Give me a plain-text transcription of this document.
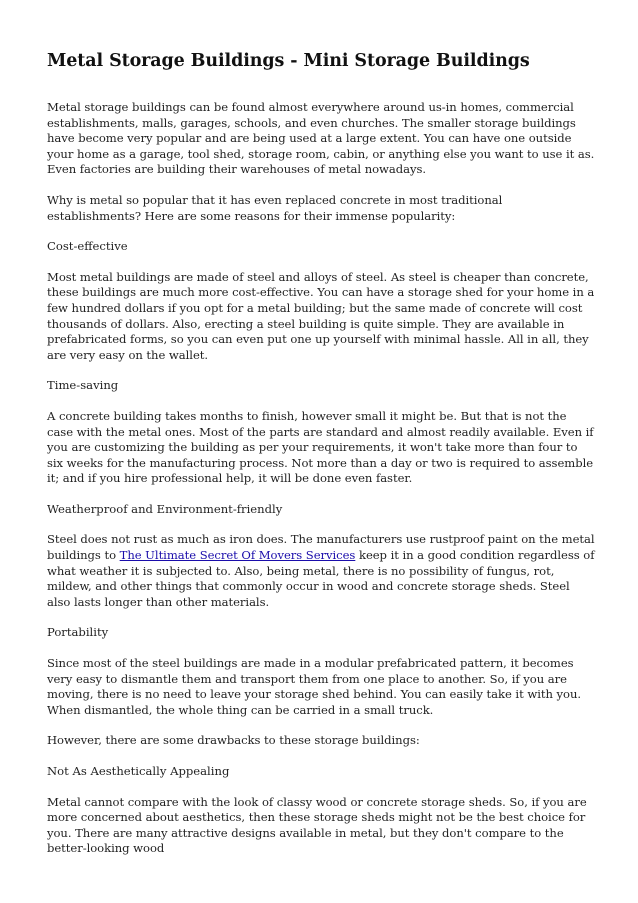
Metal Storage Buildings - Mini Storage Buildings

Metal storage buildings can be found almost everywhere around us-in homes, commercial establishments, malls, garages, schools, and even churches. The smaller storage buildings have become very popular and are being used at a large extent. You can have one outside your home as a garage, tool shed, storage room, cabin, or anything else you want to use it as. Even factories are building their warehouses of metal nowadays.

Why is metal so popular that it has even replaced concrete in most traditional establishments? Here are some reasons for their immense popularity:

Cost-effective

Most metal buildings are made of steel and alloys of steel. As steel is cheaper than concrete, these buildings are much more cost-effective. You can have a storage shed for your home in a few hundred dollars if you opt for a metal building; but the same made of concrete will cost thousands of dollars. Also, erecting a steel building is quite simple. They are available in prefabricated forms, so you can even put one up yourself with minimal hassle. All in all, they are very easy on the wallet.

Time-saving

A concrete building takes months to finish, however small it might be. But that is not the case with the metal ones. Most of the parts are standard and almost readily available. Even if you are customizing the building as per your requirements, it won't take more than four to six weeks for the manufacturing process. Not more than a day or two is required to assemble it; and if you hire professional help, it will be done even faster.

Weatherproof and Environment-friendly

Steel does not rust as much as iron does. The manufacturers use rustproof paint on the metal buildings to The Ultimate Secret Of Movers Services keep it in a good condition regardless of what weather it is subjected to. Also, being metal, there is no possibility of fungus, rot, mildew, and other things that commonly occur in wood and concrete storage sheds. Steel also lasts longer than other materials.

Portability

Since most of the steel buildings are made in a modular prefabricated pattern, it becomes very easy to dismantle them and transport them from one place to another. So, if you are moving, there is no need to leave your storage shed behind. You can easily take it with you. When dismantled, the whole thing can be carried in a small truck.

However, there are some drawbacks to these storage buildings:

Not As Aesthetically Appealing

Metal cannot compare with the look of classy wood or concrete storage sheds. So, if you are more concerned about aesthetics, then these storage sheds might not be the best choice for you. There are many attractive designs available in metal, but they don't compare to the better-looking wood
